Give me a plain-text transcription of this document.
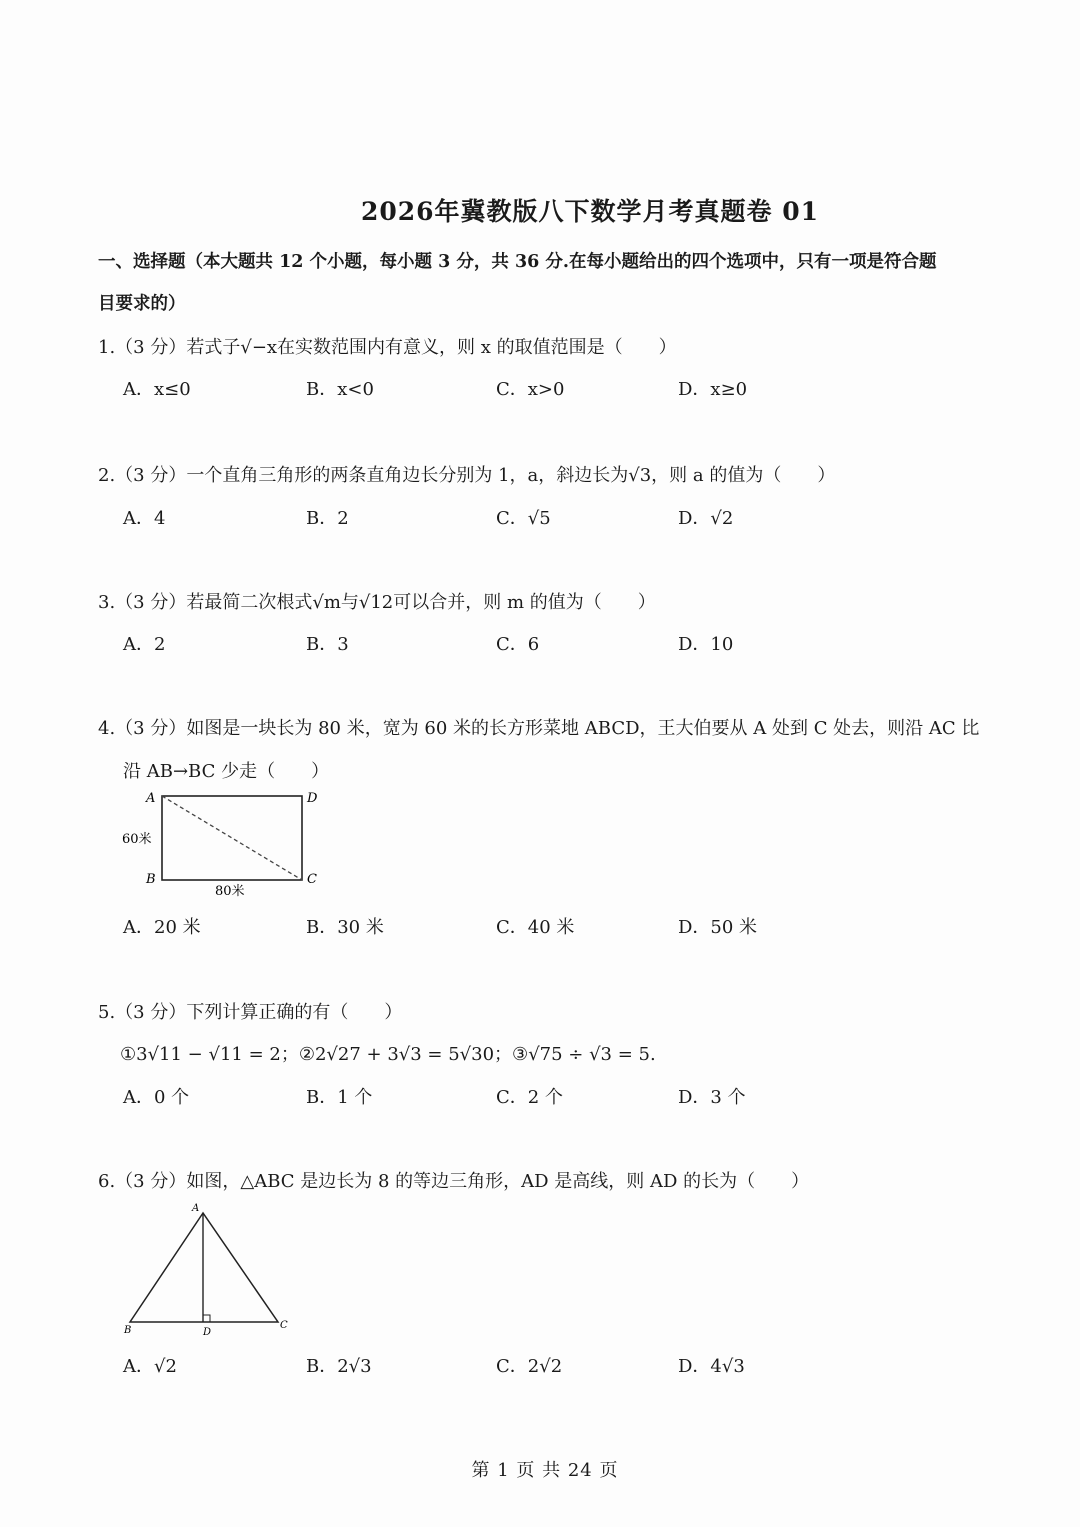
2026年冀教版八下数学月考真题卷 01
一、选择题（本大题共 12 个小题，每小题 3 分，共 36 分.在每小题给出的四个选项中，只有一项是符合题
目要求的）
1.（3 分）若式子√−x在实数范围内有意义，则 x 的取值范围是（　　）
A．x≤0	B．x<0	C．x>0	D．x≥0
2.（3 分）一个直角三角形的两条直角边长分别为 1，a，斜边长为√3，则 a 的值为（　　）
A．4	B．2	C．√5	D．√2
3.（3 分）若最简二次根式√m与√12可以合并，则 m 的值为（　　）
A．2	B．3	C．6	D．10
4.（3 分）如图是一块长为 80 米，宽为 60 米的长方形菜地 ABCD，王大伯要从 A 处到 C 处去，则沿 AC 比
沿 AB→BC 少走（　　）
A	D
B	C
60米
80米
A．20 米	B．30 米	C．40 米	D．50 米
5.（3 分）下列计算正确的有（　　）
①3√11 − √11 = 2；②2√27 + 3√3 = 5√30；③√75 ÷ √3 = 5.
A．0 个	B．1 个	C．2 个	D．3 个
6.（3 分）如图，△ABC 是边长为 8 的等边三角形，AD 是高线，则 AD 的长为（　　）
A
B	C
D
A．√2	B．2√3	C．2√2	D．4√3
第 1 页 共 24 页
